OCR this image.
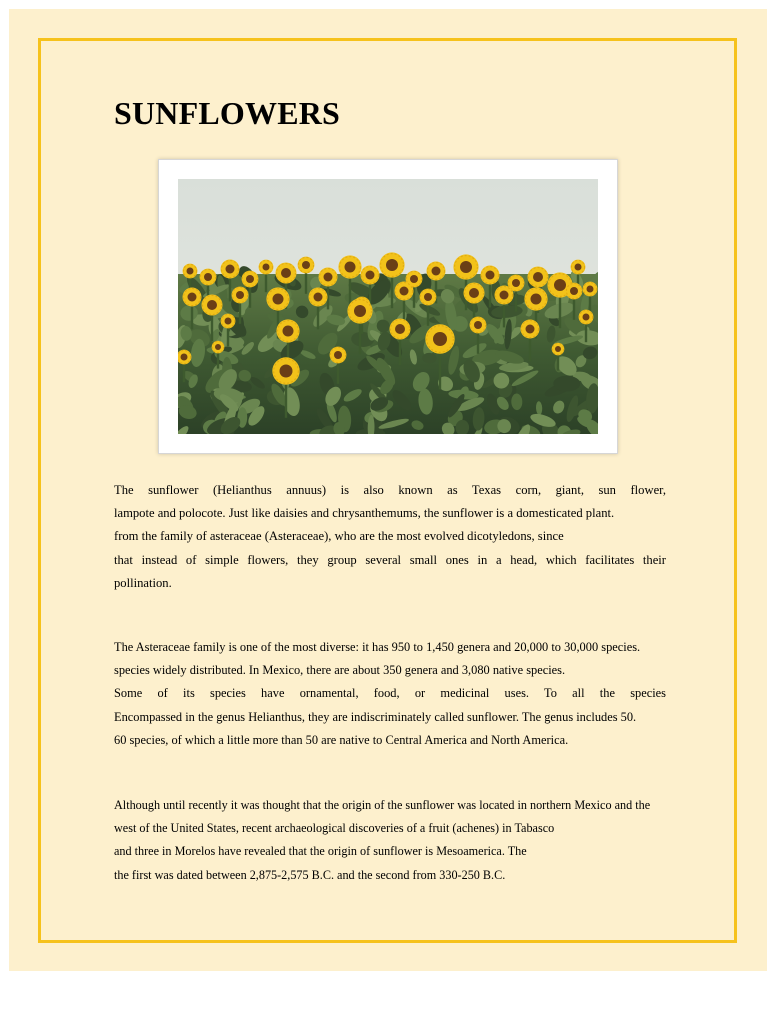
SUNFLOWERS
The sunflower (Helianthus annuus) is also known as Texas corn, giant, sun flower,
lampote and polocote. Just like daisies and chrysanthemums, the sunflower is a domesticated plant.
from the family of asteraceae (Asteraceae), who are the most evolved dicotyledons, since
that instead of simple flowers, they group several small ones in a head, which facilitates their
pollination.
The Asteraceae family is one of the most diverse: it has 950 to 1,450 genera and 20,000 to 30,000 species.
species widely distributed. In Mexico, there are about 350 genera and 3,080 native species.
Some of its species have ornamental, food, or medicinal uses. To all the species
Encompassed in the genus Helianthus, they are indiscriminately called sunflower. The genus includes 50.
60 species, of which a little more than 50 are native to Central America and North America.
Although until recently it was thought that the origin of the sunflower was located in northern Mexico and the
west of the United States, recent archaeological discoveries of a fruit (achenes) in Tabasco
and three in Morelos have revealed that the origin of sunflower is Mesoamerica. The
the first was dated between 2,875-2,575 B.C. and the second from 330-250 B.C.
